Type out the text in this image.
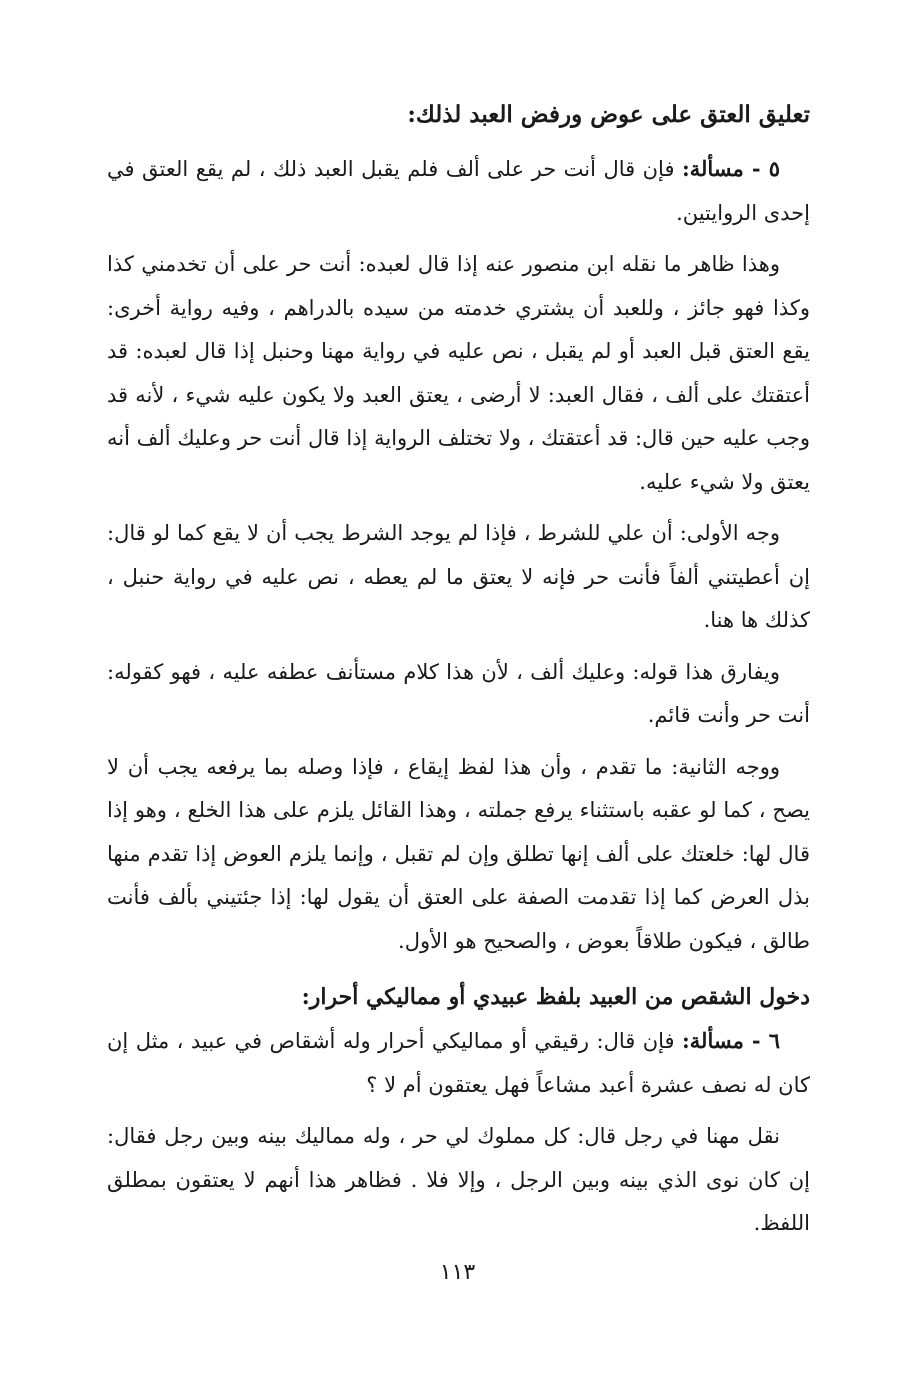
تعليق العتق على عوض ورفض العبد لذلك:

٥ - مسألة: فإن قال أنت حر على ألف فلم يقبل العبد ذلك ، لم يقع العتق في إحدى الروايتين.

وهذا ظاهر ما نقله ابن منصور عنه إذا قال لعبده: أنت حر على أن تخدمني كذا وكذا فهو جائز ، وللعبد أن يشتري خدمته من سيده بالدراهم ، وفيه رواية أخرى: يقع العتق قبل العبد أو لم يقبل ، نص عليه في رواية مهنا وحنبل إذا قال لعبده: قد أعتقتك على ألف ، فقال العبد: لا أرضى ، يعتق العبد ولا يكون عليه شيء ، لأنه قد وجب عليه حين قال: قد أعتقتك ، ولا تختلف الرواية إذا قال أنت حر وعليك ألف أنه يعتق ولا شيء عليه.

وجه الأولى: أن علي للشرط ، فإذا لم يوجد الشرط يجب أن لا يقع كما لو قال: إن أعطيتني ألفاً فأنت حر فإنه لا يعتق ما لم يعطه ، نص عليه في رواية حنبل ، كذلك ها هنا.

ويفارق هذا قوله: وعليك ألف ، لأن هذا كلام مستأنف عطفه عليه ، فهو كقوله: أنت حر وأنت قائم.

ووجه الثانية: ما تقدم ، وأن هذا لفظ إيقاع ، فإذا وصله بما يرفعه يجب أن لا يصح ، كما لو عقبه باستثناء يرفع جملته ، وهذا القائل يلزم على هذا الخلع ، وهو إذا قال لها: خلعتك على ألف إنها تطلق وإن لم تقبل ، وإنما يلزم العوض إذا تقدم منها بذل العرض كما إذا تقدمت الصفة على العتق أن يقول لها: إذا جئتيني بألف فأنت طالق ، فيكون طلاقاً بعوض ، والصحيح هو الأول.

دخول الشقص من العبيد بلفظ عبيدي أو مماليكي أحرار:

٦ - مسألة: فإن قال: رقيقي أو مماليكي أحرار وله أشقاص في عبيد ، مثل إن كان له نصف عشرة أعبد مشاعاً فهل يعتقون أم لا ؟

نقل مهنا في رجل قال: كل مملوك لي حر ، وله مماليك بينه وبين رجل فقال: إن كان نوى الذي بينه وبين الرجل ، وإلا فلا . فظاهر هذا أنهم لا يعتقون بمطلق اللفظ.

١١٣
